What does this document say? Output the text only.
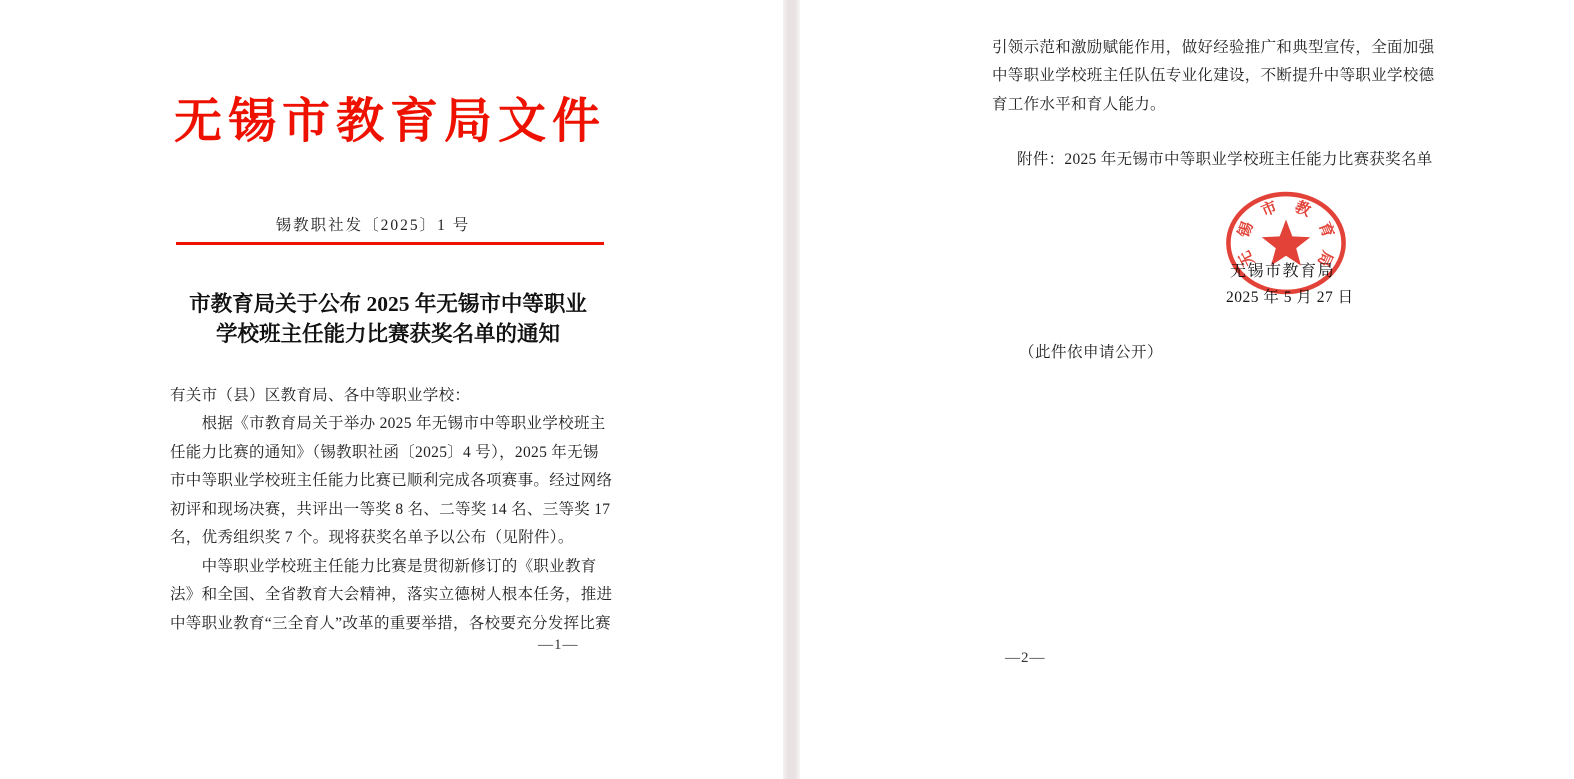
无锡市教育局文件
锡教职社发〔2025〕1 号
市教育局关于公布 2025 年无锡市中等职业
学校班主任能力比赛获奖名单的通知
有关市（县）区教育局、各中等职业学校：
　　根据《市教育局关于举办 2025 年无锡市中等职业学校班主
任能力比赛的通知》（锡教职社函〔2025〕4 号），2025 年无锡
市中等职业学校班主任能力比赛已顺利完成各项赛事。经过网络
初评和现场决赛，共评出一等奖 8 名、二等奖 14 名、三等奖 17
名，优秀组织奖 7 个。现将获奖名单予以公布（见附件）。
　　中等职业学校班主任能力比赛是贯彻新修订的《职业教育
法》和全国、全省教育大会精神，落实立德树人根本任务，推进
中等职业教育“三全育人”改革的重要举措，各校要充分发挥比赛
—1—
引领示范和激励赋能作用，做好经验推广和典型宣传，全面加强
中等职业学校班主任队伍专业化建设，不断提升中等职业学校德
育工作水平和育人能力。
附件：2025 年无锡市中等职业学校班主任能力比赛获奖名单
无锡市教育局
2025 年 5 月 27 日
无
锡
市 教
育
局
（此件依申请公开）
—2—
